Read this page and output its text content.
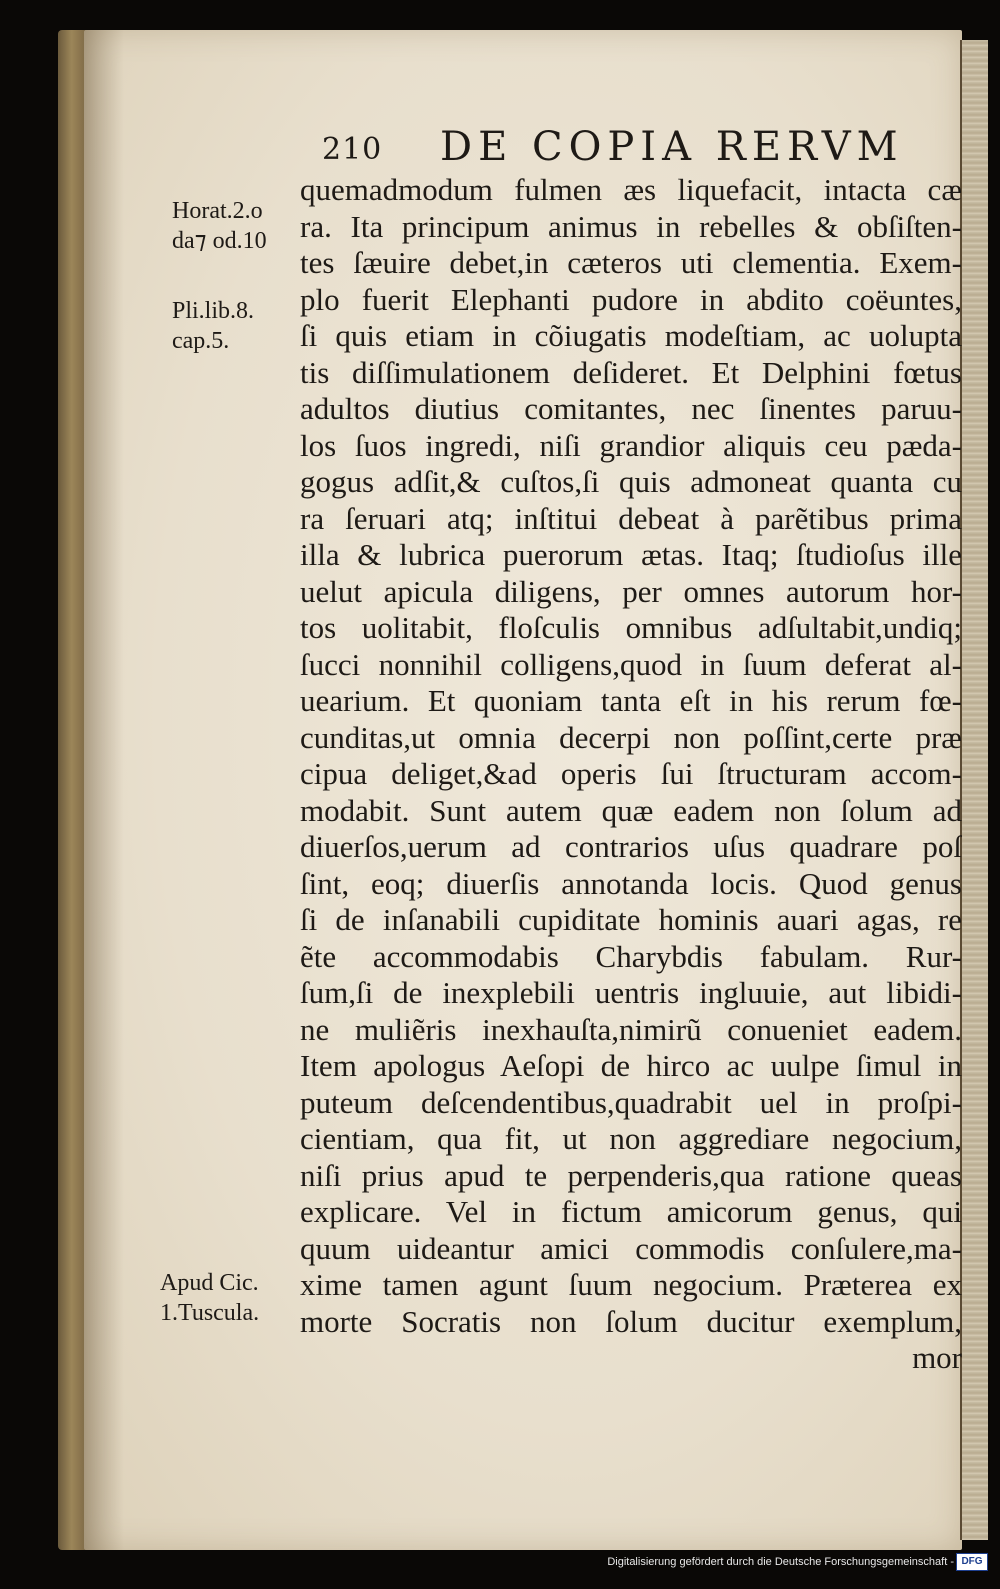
210 DE COPIA RERVM
Horat.2.o
da⁊ od.10
Pli.lib.8.
cap.5.
Apud Cic.
1.Tuscula.
quemadmodum fulmen æs liquefacit, intacta cæ
ra. Ita principum animus in rebelles & obſiſten-
tes ſæuire debet,in cæteros uti clementia. Exem-
plo fuerit Elephanti pudore in abdito coëuntes,
ſi quis etiam in cõiugatis modeſtiam, ac uolupta
tis diſſimulationem deſideret. Et Delphini fœtus
adultos diutius comitantes, nec ſinentes paruu-
los ſuos ingredi, niſi grandior aliquis ceu pæda-
gogus adſit,& cuſtos,ſi quis admoneat quanta cu
ra ſeruari atq; inſtitui debeat à parẽtibus prima
illa & lubrica puerorum ætas. Itaq; ſtudioſus ille
uelut apicula diligens, per omnes autorum hor-
tos uolitabit, floſculis omnibus adſultabit,undiq;
ſucci nonnihil colligens,quod in ſuum deferat al-
uearium. Et quoniam tanta eſt in his rerum fœ-
cunditas,ut omnia decerpi non poſſint,certe præ
cipua deliget,&ad operis ſui ſtructuram accom-
modabit. Sunt autem quæ eadem non ſolum ad
diuerſos,uerum ad contrarios uſus quadrare poſ
ſint, eoq; diuerſis annotanda locis. Quod genus
ſi de inſanabili cupiditate hominis auari agas, re
ẽte accommodabis Charybdis fabulam. Rur-
ſum,ſi de inexplebili uentris ingluuie, aut libidi-
ne muliẽris inexhauſta,nimirũ conueniet eadem.
Item apologus Aeſopi de hirco ac uulpe ſimul in
puteum deſcendentibus,quadrabit uel in proſpi-
cientiam, qua fit, ut non aggrediare negocium,
niſi prius apud te perpenderis,qua ratione queas
explicare. Vel in fictum amicorum genus, qui
quum uideantur amici commodis conſulere,ma-
xime tamen agunt ſuum negocium. Præterea ex
morte Socratis non ſolum ducitur exemplum,
mor
Digitalisierung gefördert durch die Deutsche Forschungsgemeinschaft - DFG
